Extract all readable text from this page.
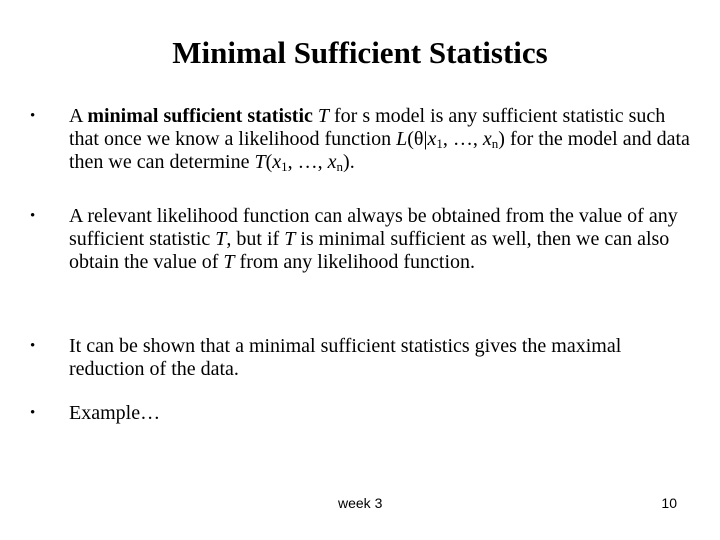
Minimal Sufficient Statistics
• A minimal sufficient statistic T for s model is any sufficient statistic such that once we know a likelihood function $L(\theta|x_1$, …, $x_n$) for the model and data then we can determine $T(x_1$, …, $x_n$).
• A relevant likelihood function can always be obtained from the value of any sufficient statistic T, but if T is minimal sufficient as well, then we can also obtain the value of T from any likelihood function.
• It can be shown that a minimal sufficient statistics gives the maximal reduction of the data.
• Example…
week 3	10
